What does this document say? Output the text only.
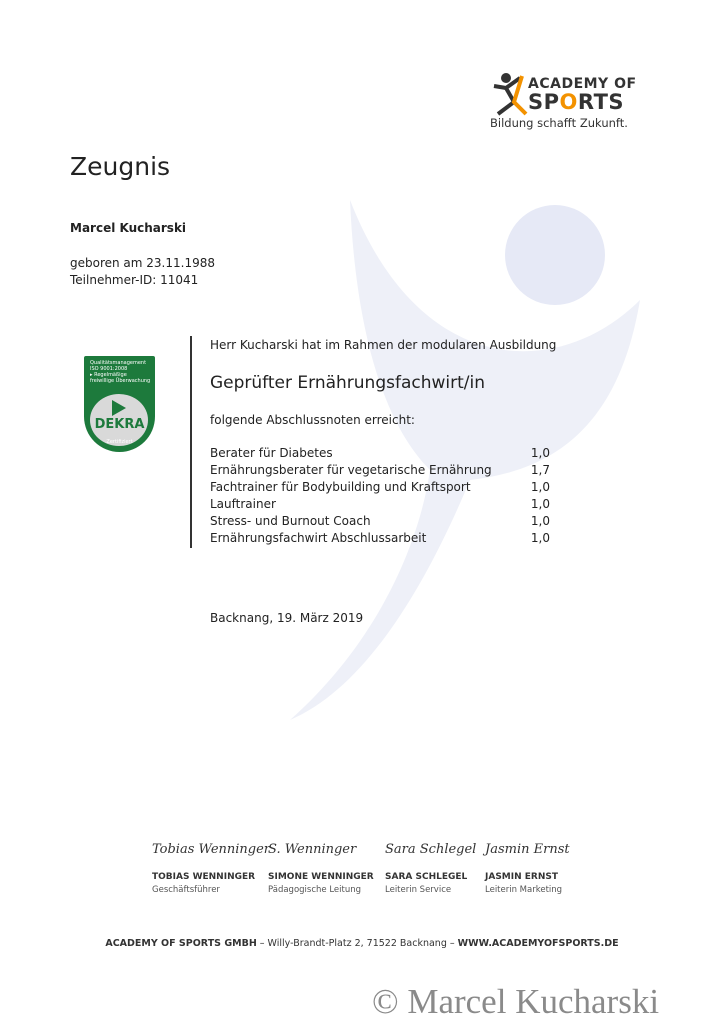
ACADEMY OF
SPORTS
Bildung schafft Zukunft.
Zeugnis
Marcel Kucharski
geboren am 23.11.1988
Teilnehmer-ID: 11041
Qualitätsmanagement
ISO 9001:2008
▸ Regelmäßige freiwillige Überwachung
DEKRA
Zertifiziert
Herr Kucharski hat im Rahmen der modularen Ausbildung
Geprüfter Ernährungsfachwirt/in
folgende Abschlussnoten erreicht:
Berater für Diabetes	1,0
Ernährungsberater für vegetarische Ernährung	1,7
Fachtrainer für Bodybuilding und Kraftsport	1,0
Lauftrainer	1,0
Stress- und Burnout Coach	1,0
Ernährungsfachwirt Abschlussarbeit	1,0
Backnang, 19. März 2019
Tobias Wenninger
TOBIAS WENNINGER
Geschäftsführer
S. Wenninger
SIMONE WENNINGER
Pädagogische Leitung
Sara Schlegel
SARA SCHLEGEL
Leiterin Service
Jasmin Ernst
JASMIN ERNST
Leiterin Marketing
ACADEMY OF SPORTS GMBH – Willy-Brandt-Platz 2, 71522 Backnang – WWW.ACADEMYOFSPORTS.DE
© Marcel Kucharski
